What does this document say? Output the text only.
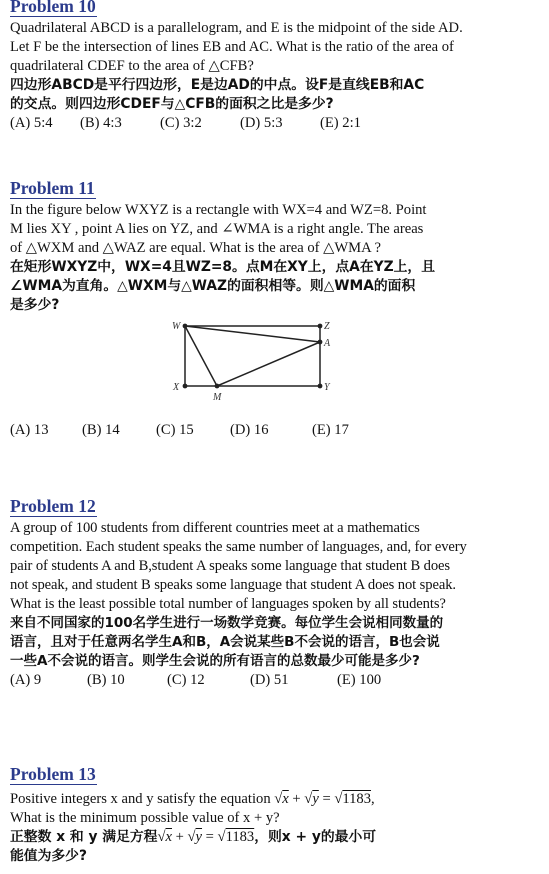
Problem 10
Quadrilateral ABCD is a parallelogram, and E is the midpoint of the side AD.
Let F be the intersection of lines EB and AC. What is the ratio of the area of
quadrilateral CDEF to the area of △CFB?
四边形ABCD是平行四边形，E是边AD的中点。设F是直线EB和AC
的交点。则四边形CDEF与△CFB的面积之比是多少?
(A) 5:4	(B) 4:3	(C) 3:2	(D) 5:3	(E) 2:1
Problem 11
In the figure below WXYZ is a rectangle with WX=4 and WZ=8. Point
M lies XY , point A lies on YZ, and ∠WMA is a right angle. The areas
of △WXM and △WAZ are equal. What is the area of △WMA ?
在矩形WXYZ中，WX=4且WZ=8。点M在XY上，点A在YZ上，且
∠WMA为直角。△WXM与△WAZ的面积相等。则△WMA的面积
是多少?
W	Z
A
X
M
Y
(A) 13	(B) 14	(C) 15	(D) 16	(E) 17
Problem 12
A group of 100 students from different countries meet at a mathematics
competition. Each student speaks the same number of languages, and, for every
pair of students A and B,student A speaks some language that student B does
not speak, and student B speaks some language that student A does not speak.
What is the least possible total number of languages spoken by all students?
来自不同国家的100名学生进行一场数学竞赛。每位学生会说相同数量的
语言，且对于任意两名学生A和B，A会说某些B不会说的语言，B也会说
一些A不会说的语言。则学生会说的所有语言的总数最少可能是多少?
(A) 9	(B) 10	(C) 12	(D) 51	(E) 100
Problem 13
Positive integers x and y satisfy the equation √x + √y = √1183,
What is the minimum possible value of x + y?
正整数 x 和 y 满足方程√x + √y = √1183，则x + y的最小可
能值为多少?
